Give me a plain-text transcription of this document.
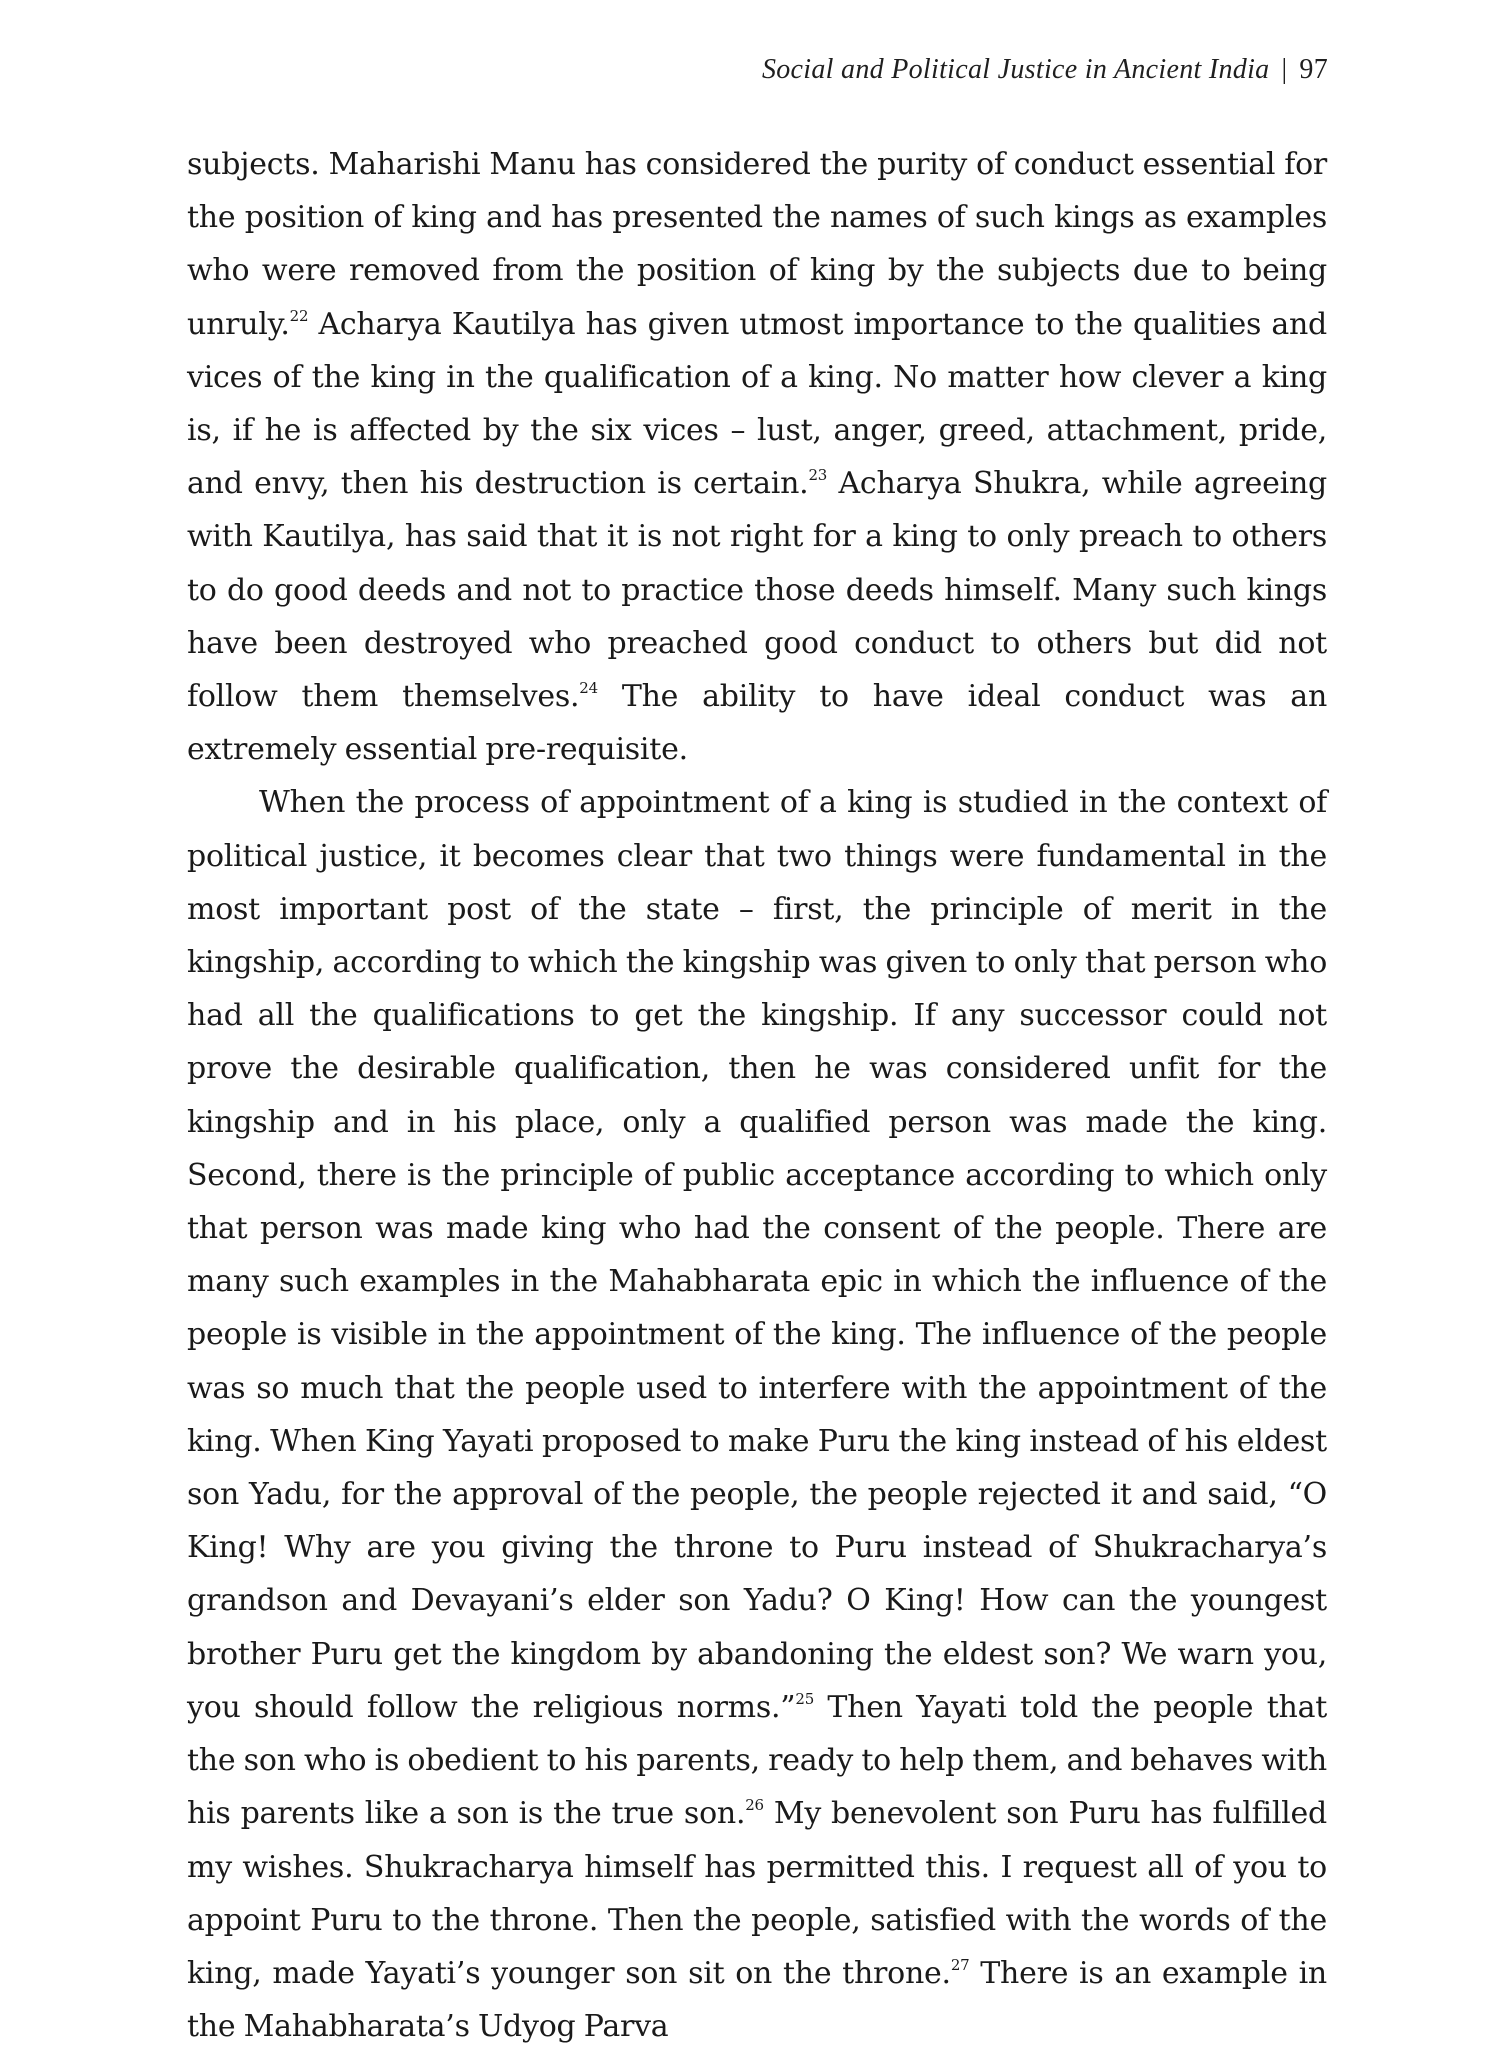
Social and Political Justice in Ancient India | 97

subjects. Maharishi Manu has considered the purity of conduct essential for the position of king and has presented the names of such kings as examples who were removed from the position of king by the subjects due to being unruly.$^{22}$ Acharya Kautilya has given utmost importance to the qualities and vices of the king in the qualification of a king. No matter how clever a king is, if he is affected by the six vices – lust, anger, greed, attachment, pride, and envy, then his destruction is certain.$^{23}$ Acharya Shukra, while agreeing with Kautilya, has said that it is not right for a king to only preach to others to do good deeds and not to practice those deeds himself. Many such kings have been destroyed who preached good conduct to others but did not follow them themselves.$^{24}$ The ability to have ideal conduct was an extremely essential pre-requisite.

When the process of appointment of a king is studied in the context of political justice, it becomes clear that two things were fundamental in the most important post of the state – first, the principle of merit in the kingship, according to which the kingship was given to only that person who had all the qualifications to get the kingship. If any successor could not prove the desirable qualification, then he was considered unfit for the kingship and in his place, only a qualified person was made the king. Second, there is the principle of public acceptance according to which only that person was made king who had the consent of the people. There are many such examples in the Mahabharata epic in which the influence of the people is visible in the appointment of the king. The influence of the people was so much that the people used to interfere with the appointment of the king. When King Yayati proposed to make Puru the king instead of his eldest son Yadu, for the approval of the people, the people rejected it and said, “O King! Why are you giving the throne to Puru instead of Shukracharya’s grandson and Devayani’s elder son Yadu? O King! How can the youngest brother Puru get the kingdom by abandoning the eldest son? We warn you, you should follow the religious norms.”$^{25}$ Then Yayati told the people that the son who is obedient to his parents, ready to help them, and behaves with his parents like a son is the true son.$^{26}$ My benevolent son Puru has fulfilled my wishes. Shukracharya himself has permitted this. I request all of you to appoint Puru to the throne. Then the people, satisfied with the words of the king, made Yayati’s younger son sit on the throne.$^{27}$ There is an example in the Mahabharata’s Udyog Parva
